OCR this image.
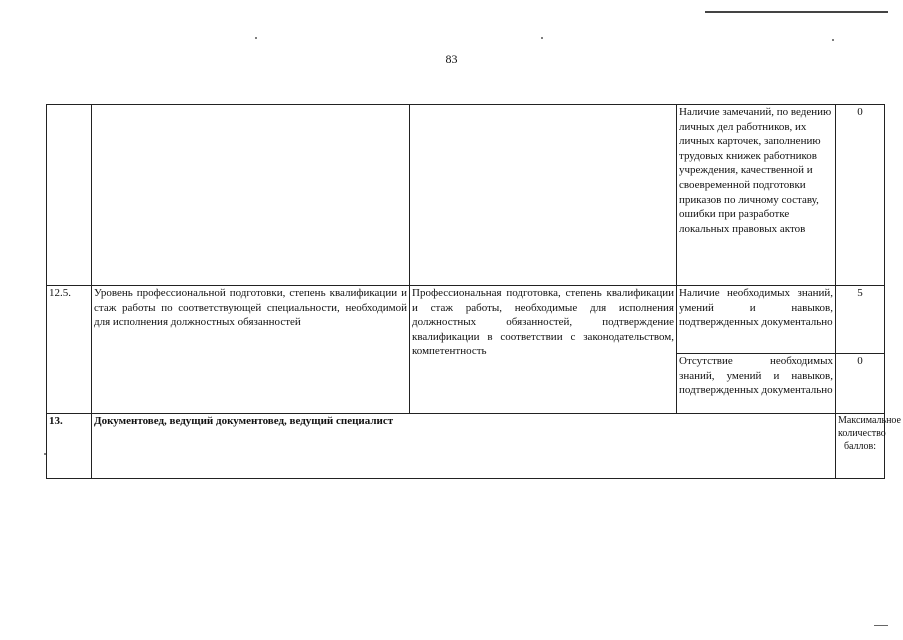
83
			Наличие замечаний, по ведению личных дел работников, их личных карточек, заполнению трудовых книжек работников учреждения, качественной и своевременной подготовки приказов по личному составу, ошибки при разработке локальных правовых актов	0
12.5.	Уровень профессиональной подготовки, степень квалификации и стаж работы по соответствующей специальности, необходимой для исполнения должностных обязанностей	Профессиональная подготовка, степень квалификации и стаж работы, необходимые для исполнения должностных обязанностей, подтверждение квалификации в соответствии с законодательством, компетентность	Наличие необходимых знаний, умений и навыков, подтвержденных документально	5
			Отсутствие необходимых знаний, умений и навыков, подтвержденных документально	0
13.	Документовед, ведущий документовед, ведущий специалист			Максимальное количество баллов:
